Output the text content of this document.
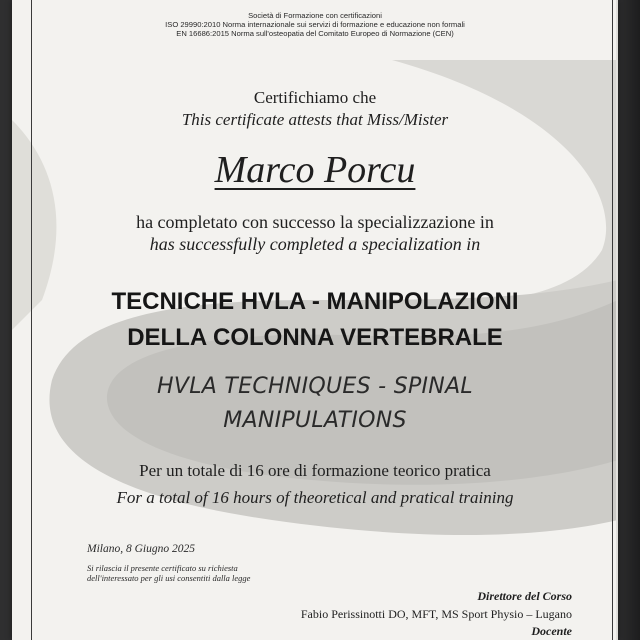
Società di Formazione con certificazioni
ISO 29990:2010 Norma internazionale sui servizi di formazione e educazione non formali
EN 16686:2015 Norma sull'osteopatia del Comitato Europeo di Normazione (CEN)
Certifichiamo che
This certificate attests that Miss/Mister
Marco Porcu
ha completato con successo la specializzazione in
has successfully completed a specialization in
TECNICHE HVLA - MANIPOLAZIONI
DELLA COLONNA VERTEBRALE
HVLA TECHNIQUES - SPINAL
MANIPULATIONS
Per un totale di 16 ore di formazione teorico pratica
For a total of 16 hours of theoretical and pratical training
Milano, 8 Giugno 2025
Si rilascia il presente certificato su richiesta
dell'interessato per gli usi consentiti dalla legge
Direttore del Corso
Fabio Perissinotti DO, MFT, MS Sport Physio – Lugano
Docente
